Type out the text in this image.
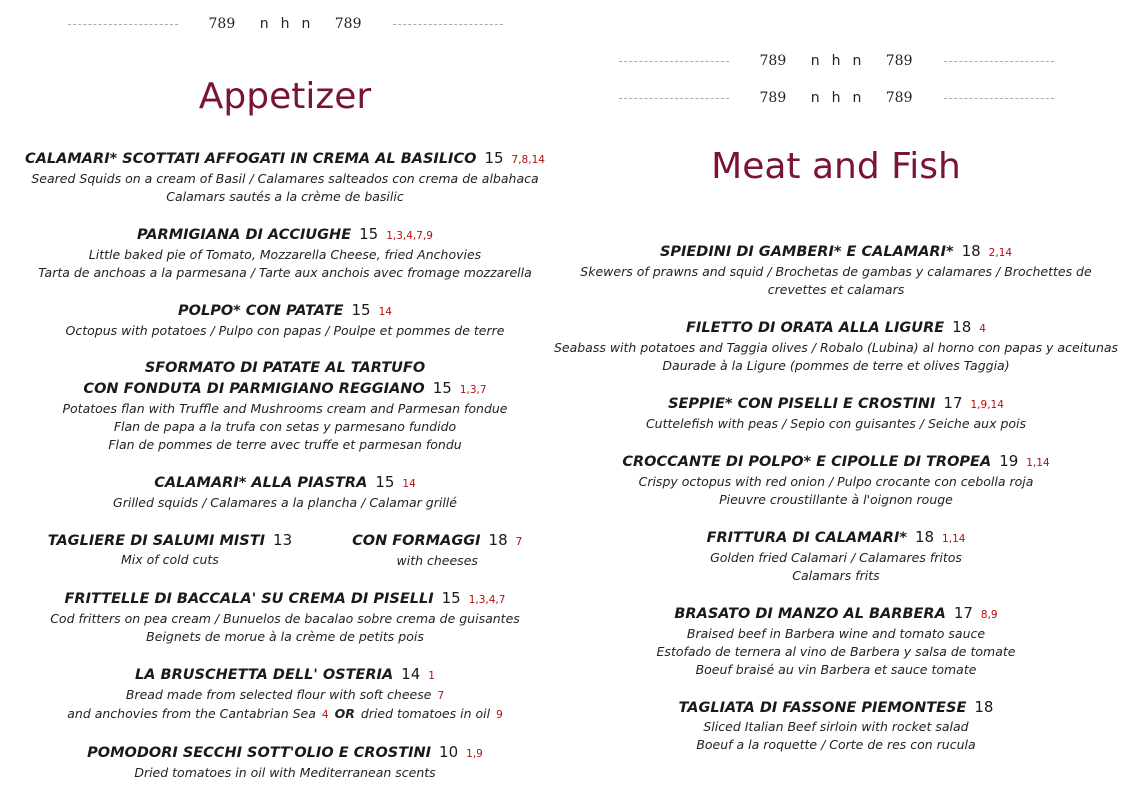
789 n h n 789
Appetizer
CALAMARI* SCOTTATI AFFOGATI IN CREMA AL BASILICO 15 7,8,14
Seared Squids on a cream of Basil / Calamares salteados con crema de albahaca
Calamars sautés a la crème de basilic
PARMIGIANA DI ACCIUGHE 15 1,3,4,7,9
Little baked pie of Tomato, Mozzarella Cheese, fried Anchovies
Tarta de anchoas a la parmesana / Tarte aux anchois avec fromage mozzarella
POLPO* CON PATATE 15 14
Octopus with potatoes / Pulpo con papas / Poulpe et pommes de terre
SFORMATO DI PATATE AL TARTUFO
CON FONDUTA DI PARMIGIANO REGGIANO 15 1,3,7
Potatoes flan with Truffle and Mushrooms cream and Parmesan fondue
Flan de papa a la trufa con setas y parmesano fundido
Flan de pommes de terre avec truffe et parmesan fondu
CALAMARI* ALLA PIASTRA 15 14
Grilled squids / Calamares a la plancha / Calamar grillé
TAGLIERE DI SALUMI MISTI 13
Mix of cold cuts
CON FORMAGGI 18 7
with cheeses
FRITTELLE DI BACCALA' SU CREMA DI PISELLI 15 1,3,4,7
Cod fritters on pea cream / Bunuelos de bacalao sobre crema de guisantes
Beignets de morue à la crème de petits pois
LA BRUSCHETTA DELL' OSTERIA 14 1
Bread made from selected flour with soft cheese 7
and anchovies from the Cantabrian Sea 4 OR dried tomatoes in oil 9
POMODORI SECCHI SOTT'OLIO E CROSTINI 10 1,9
Dried tomatoes in oil with Mediterranean scents
789 n h n 789
789 n h n 789
Meat and Fish
SPIEDINI DI GAMBERI* E CALAMARI* 18 2,14
Skewers of prawns and squid / Brochetas de gambas y calamares / Brochettes de
crevettes et calamars
FILETTO DI ORATA ALLA LIGURE 18 4
Seabass with potatoes and Taggia olives / Robalo (Lubina) al horno con papas y aceitunas
Daurade à la Ligure (pommes de terre et olives Taggia)
SEPPIE* CON PISELLI E CROSTINI 17 1,9,14
Cuttelefish with peas / Sepio con guisantes / Seiche aux pois
CROCCANTE DI POLPO* E CIPOLLE DI TROPEA 19 1,14
Crispy octopus with red onion / Pulpo crocante con cebolla roja
Pieuvre croustillante à l'oignon rouge
FRITTURA DI CALAMARI* 18 1,14
Golden fried Calamari / Calamares fritos
Calamars frits
BRASATO DI MANZO AL BARBERA 17 8,9
Braised beef in Barbera wine and tomato sauce
Estofado de ternera al vino de Barbera y salsa de tomate
Boeuf braisé au vin Barbera et sauce tomate
TAGLIATA DI FASSONE PIEMONTESE 18
Sliced Italian Beef sirloin with rocket salad
Boeuf a la roquette / Corte de res con rucula
